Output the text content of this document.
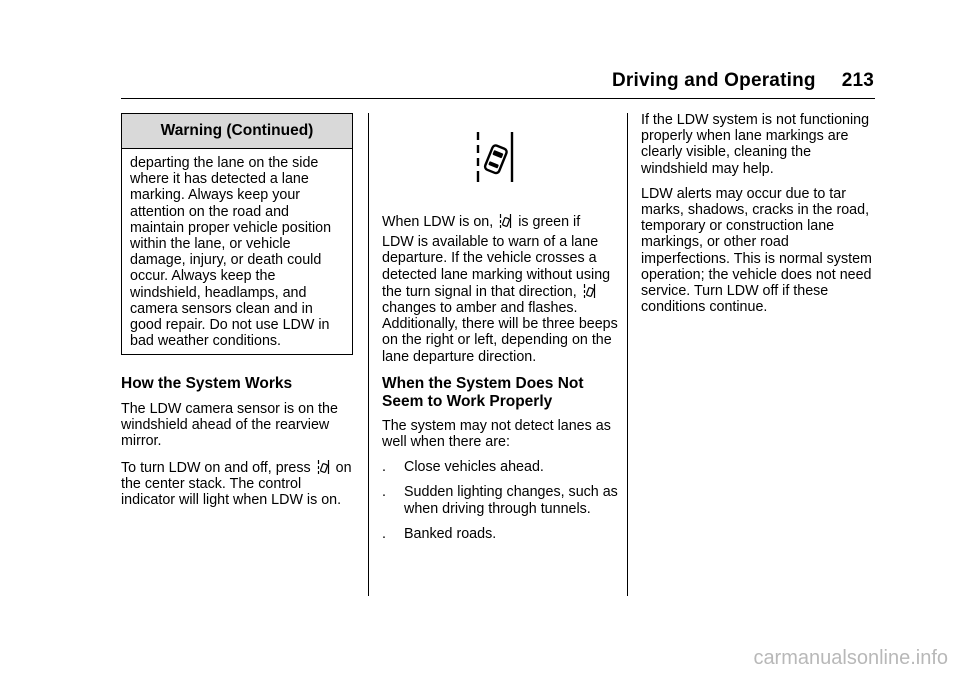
Driving and Operating 213
Warning (Continued)
departing the lane on the side where it has detected a lane marking. Always keep your attention on the road and maintain proper vehicle position within the lane, or vehicle damage, injury, or death could occur. Always keep the windshield, headlamps, and camera sensors clean and in good repair. Do not use LDW in bad weather conditions.
How the System Works

The LDW camera sensor is on the windshield ahead of the rearview mirror.

To turn LDW on and off, press on the center stack. The control indicator will light when LDW is on.

When LDW is on, is green if

LDW is available to warn of a lane departure. If the vehicle crosses a detected lane marking without using the turn signal in that direction,  changes to amber and flashes. Additionally, there will be three beeps on the right or left, depending on the lane departure direction.

When the System Does Not Seem to Work Properly

The system may not detect lanes as well when there are:

.	Close vehicles ahead.
.	Sudden lighting changes, such as when driving through tunnels.
.	Banked roads.

If the LDW system is not functioning properly when lane markings are clearly visible, cleaning the windshield may help.

LDW alerts may occur due to tar marks, shadows, cracks in the road, temporary or construction lane markings, or other road imperfections. This is normal system operation; the vehicle does not need service. Turn LDW off if these conditions continue.

carmanualsonline.info
